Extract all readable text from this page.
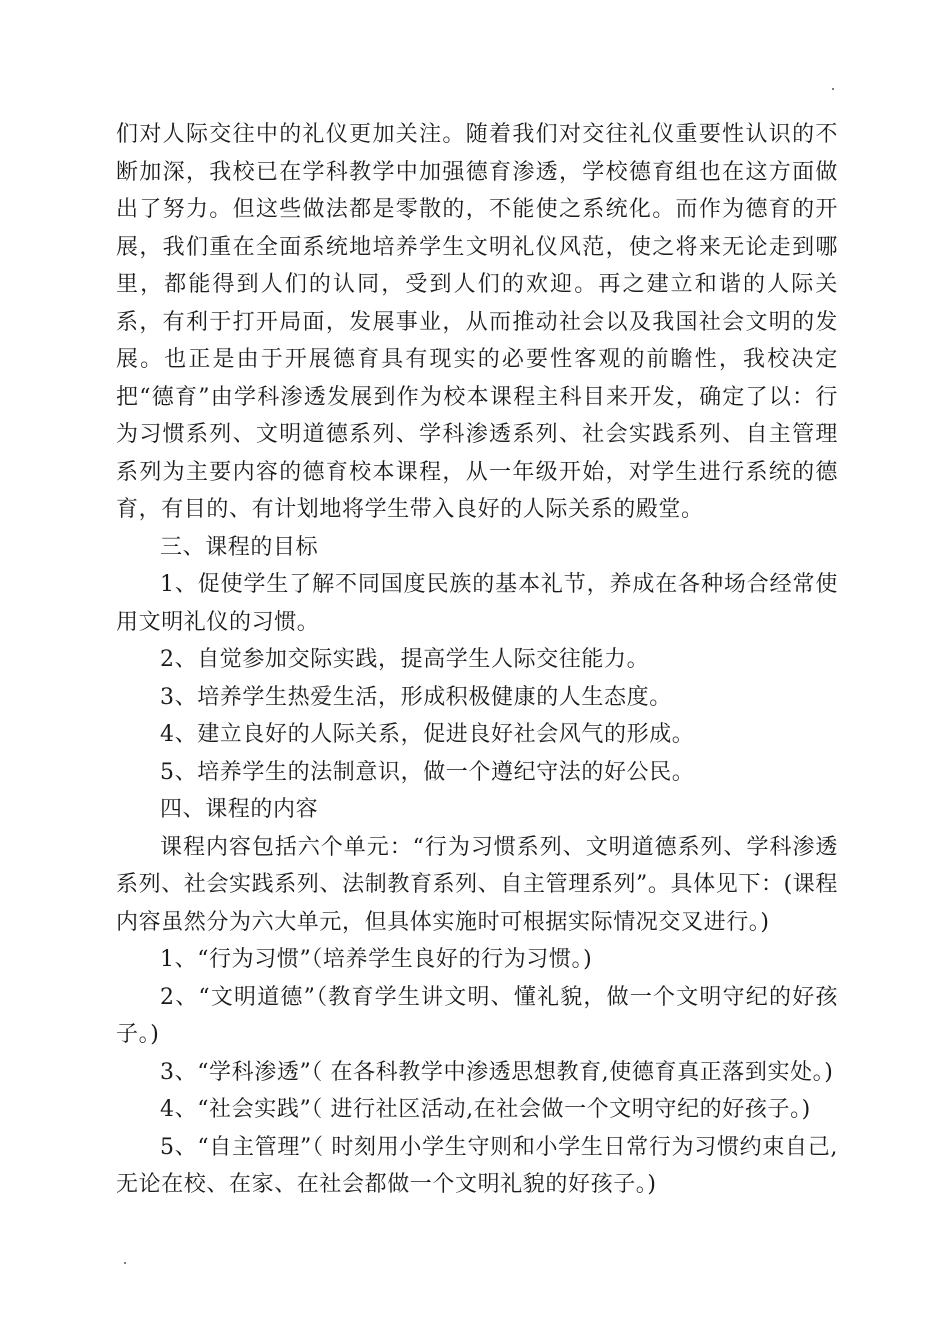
们对人际交往中的礼仪更加关注。随着我们对交往礼仪重要性认识的不断加深，我校已在学科教学中加强德育渗透，学校德育组也在这方面做出了努力。但这些做法都是零散的，不能使之系统化。而作为德育的开展，我们重在全面系统地培养学生文明礼仪风范，使之将来无论走到哪里，都能得到人们的认同，受到人们的欢迎。再之建立和谐的人际关系，有利于打开局面，发展事业，从而推动社会以及我国社会文明的发展。也正是由于开展德育具有现实的必要性客观的前瞻性，我校决定把“德育”由学科渗透发展到作为校本课程主科目来开发，确定了以：行为习惯系列、文明道德系列、学科渗透系列、社会实践系列、自主管理系列为主要内容的德育校本课程，从一年级开始，对学生进行系统的德育，有目的、有计划地将学生带入良好的人际关系的殿堂。

三、课程的目标

1、促使学生了解不同国度民族的基本礼节，养成在各种场合经常使用文明礼仪的习惯。

2、自觉参加交际实践，提高学生人际交往能力。

3、培养学生热爱生活，形成积极健康的人生态度。

4、建立良好的人际关系，促进良好社会风气的形成。

5、培养学生的法制意识，做一个遵纪守法的好公民。

四、课程的内容

课程内容包括六个单元：“行为习惯系列、文明道德系列、学科渗透系列、社会实践系列、法制教育系列、自主管理系列”。具体见下：(课程内容虽然分为六大单元，但具体实施时可根据实际情况交叉进行。)

1、“行为习惯”（培养学生良好的行为习惯。)

2、“文明道德”（教育学生讲文明、懂礼貌，做一个文明守纪的好孩子。)

3、“学科渗透”（ 在各科教学中渗透思想教育,使德育真正落到实处。)

4、“社会实践”（ 进行社区活动,在社会做一个文明守纪的好孩子。)

5、“自主管理”（ 时刻用小学生守则和小学生日常行为习惯约束自己,无论在校、在家、在社会都做一个文明礼貌的好孩子。)
